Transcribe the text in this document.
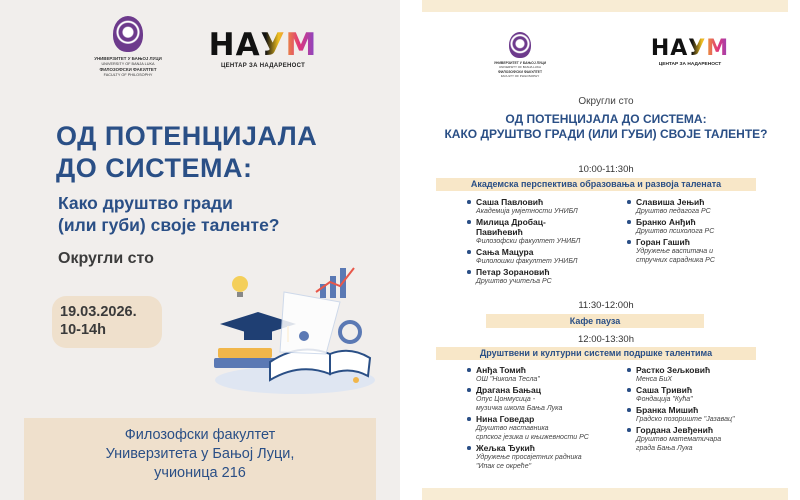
УНИВЕРЗИТЕТ У БАЊОЈ ЛУЦИ
UNIVERSITY OF BANJA LUKA
ФИЛОЗОФСКИ ФАКУЛТЕТ
FACULTY OF PHILOSOPHY
НАУМ
ЦЕНТАР ЗА НАДАРЕНОСТ
ОД ПОТЕНЦИЈАЛА
ДО СИСТЕМА:
Како друштво гради
(или губи) своје таленте?
Округли сто
19.03.2026.
10-14h
Филозофски факултет
Универзитета у Бањој Луци,
учионица 216
УНИВЕРЗИТЕТ У БАЊОЈ ЛУЦИ
UNIVERSITY OF BANJA LUKA
ФИЛОЗОФСКИ ФАКУЛТЕТ
FACULTY OF PHILOSOPHY
НАУМ
ЦЕНТАР ЗА НАДАРЕНОСТ
Округли сто
ОД ПОТЕНЦИЈАЛА ДО СИСТЕМА:
КАКО ДРУШТВО ГРАДИ (ИЛИ ГУБИ) СВОЈЕ ТАЛЕНТЕ?
10:00-11:30h
Академска перспектива образовања и развоја талената
Саша Павловић
Академија умјетности УНИБЛ
Милица Дробац-
Павићевић
Филозофски факултет УНИБЛ
Сања Мацура
Филолошки факултет УНИБЛ
Петар Зорановић
Друштво учитеља РС
Славиша Јењић
Друштво педагога РС
Бранко Анђић
Друштво психолога РС
Горан Гашић
Удружење васпитача и
стручних сарадника РС
11:30-12:00h
Кафе пауза
12:00-13:30h
Друштвени и културни системи подршке талентима
Анђа Томић
ОШ "Никола Тесла"
Драгана Бањац
Опус Цонмусица -
музичка школа Бања Лука
Нина Говедар
Друштво наставника
српског језика и књижевности РС
Жељка Ђукић
Удружење просвјетних радника
"Ипак се окреће"
Растко Зељковић
Менса БиХ
Саша Тривић
Фондација "Кућа"
Бранка Мишић
Градско позориште "Јазавац"
Гордана Јевђенић
Друштво математичара
града Бања Лука
